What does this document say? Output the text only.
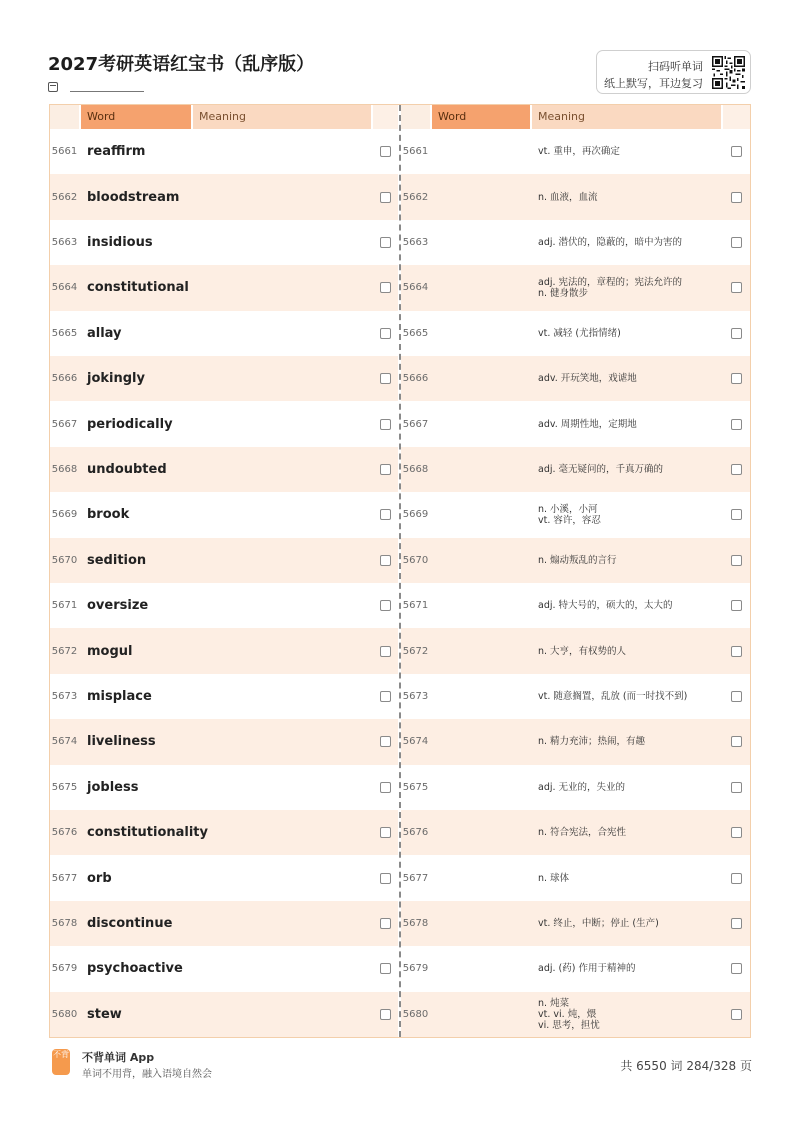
2027考研英语红宝书（乱序版）	扫码听单词
纸上默写，耳边复习
Word	Meaning
5661 reaffirm
5662 bloodstream
5663 insidious
5664 constitutional
5665 allay
5666 jokingly
5667 periodically
5668 undoubted
5669 brook
5670 sedition
5671 oversize
5672 mogul
5673 misplace
5674 liveliness
5675 jobless
5676 constitutionality
5677 orb
5678 discontinue
5679 psychoactive
5680 stew
Word	Meaning
5661	vt. 重申，再次确定
5662	n. 血液，血流
5663	adj. 潜伏的，隐蔽的，暗中为害的
5664	adj. 宪法的，章程的；宪法允许的
n. 健身散步
5665	vt. 减轻 (尤指情绪)
5666	adv. 开玩笑地，戏谑地
5667	adv. 周期性地，定期地
5668	adj. 毫无疑问的，千真万确的
5669	n. 小溪，小河
vt. 容许，容忍
5670	n. 煽动叛乱的言行
5671	adj. 特大号的，硕大的，太大的
5672	n. 大亨，有权势的人
5673	vt. 随意搁置，乱放 (而一时找不到)
5674	n. 精力充沛；热闹，有趣
5675	adj. 无业的，失业的
5676	n. 符合宪法，合宪性
5677	n. 球体
5678	vt. 终止，中断；停止 (生产)
5679	adj. (药) 作用于精神的
5680
n. 炖菜
vt. vi. 炖，煨
vi. 思考，担忧
不背 不背单词 App
单词不用背，融入语境自然会
共 6550 词 284/328 页
